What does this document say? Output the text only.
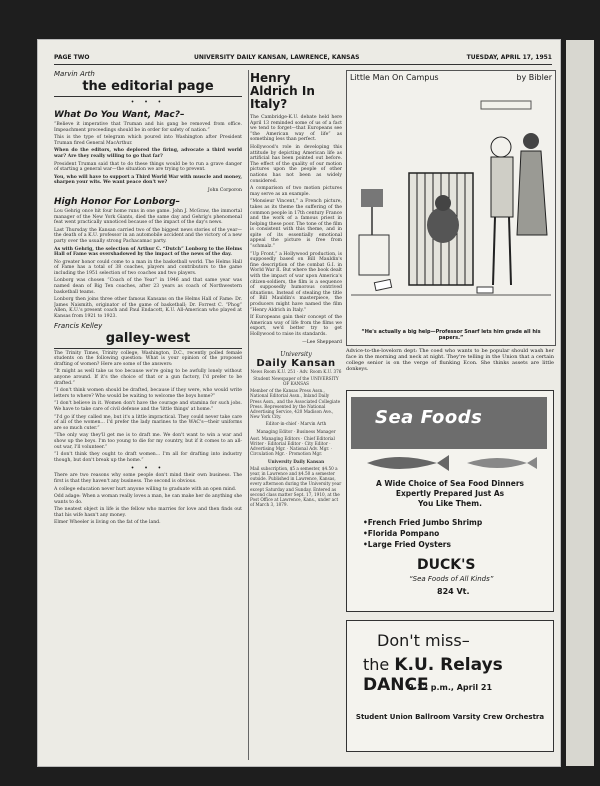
PAGE TWO	UNIVERSITY DAILY KANSAN, LAWRENCE, KANSAS	TUESDAY, APRIL 17, 1951

Marvin Arth

the editorial page
• • •
What Do You Want, Mac?–

“Believe it imperative that Truman and his gang be removed from office. Impeachment proceedings should be in order for safety of nation.”

This is the type of telegram which poured into Washington after President Truman fired General MacArthur.

When do the editors, who deplored the firing, advocate a third world war? Are they really willing to go that far?

President Truman said that to do these things would be to run a grave danger of starting a general war—the situation we are trying to prevent.

You, who will have to support a Third World War with muscle and money, sharpen your wits. We want peace don't we?

John Corporon

High Honor For Lonborg–

Lou Gehrig once hit four home runs in one game. John J. McGraw, the immortal manager of the New York Giants, died the same day and Gehrig's phenomenal feat went practically unnoticed because of the impact of the day's news.

Last Thursday the Kansan carried two of the biggest news stories of the year—the death of a K.U. professor in an automobile accident and the victory of a new party over the usually strong Pachacamac party.

As with Gehrig, the selection of Arthur C. “Dutch” Lonborg to the Helms Hall of Fame was overshadowed by the impact of the news of the day.

No greater honor could come to a man in the basketball world. The Helms Hall of Fame has a total of 38 coaches, players and contributors to the game including the 1951 selection of two coaches and two players.

Lonborg was chosen “Coach of the Year” in 1946 and that same year was named dean of Big Ten coaches, after 23 years as coach of Northwestern basketball teams.

Lonborg then joins three other famous Kansans on the Helms Hall of Fame: Dr. James Naismith, originator of the game of basketball; Dr. Forrest C. “Phog” Allen, K.U.'s present coach and Paul Endacott, K.U. All-American who played at Kansas from 1921 to 1923.

Francis Kelley

galley-west

The Trinity Times, Trinity college, Washington, D.C., recently polled female students on the following question: What is your opinion of the proposed drafting of women? Here are some of the answers:

“It might as well take us too because we're going to be awfully lonely without anyone around. If it's the choice of that or a gun factory, I'd prefer to be drafted.”

“I don't think women should be drafted, because if they were, who would write letters to where? Who would be waiting to welcome the boys home?”

“I don't believe in it. Women don't have the courage and stamina for such jobs. We have to take care of civil defense and the 'little things' at home.”

“I'd go if they called me, but it's a little impractical. They could never take care of all of the women... I'd prefer the lady marines to the WAC's—their uniforms are so much cuter.”

“The only way they'll get me is to draft me. We don't want to win a war and show up the boys. I'm too young to die for my country, but if it comes to an all-out war, I'll volunteer.”

“I don't think they ought to draft women... I'm all for drafting into industry though, but don't break up the home.”

• • •

There are two reasons why some people don't mind their own business. The first is that they haven't any business. The second is obvious.

A college education never hurt anyone willing to graduate with an open mind.

Odd adage: When a woman really loves a man, he can make her do anything she wants to do.

The neatest object in life is the fellow who marries for love and then finds out that his wife hasn't any money.

Elmer Wheeler is living on the fat of the land.

Henry Aldrich In Italy?

The Cambridge-K.U. debate held here April 13 reminded some of us of a fact we tend to forget—that Europeans see “the American way of life” as something less than perfect.

Hollywood's role in developing this attitude by depicting American life as artificial has been pointed out before. The effect of the quality of our motion pictures upon the people of other nations has not been as widely considered.

A comparison of two motion pictures may serve as an example.

“Monsieur Vincent,” a French picture, takes as its theme the suffering of the common people in 17th century France and the work of a famous priest in helping these poor. The tone of the film is consistent with this theme, and in spite of its essentially emotional appeal the picture is free from “schmalz.”

“Up Front,” a Hollywood production, is supposedly based on Bill Mauldin's fine description of the combat G.I. in World War II. But where the book dealt with the impact of war upon America's citizen-soldiers, the film is a sequence of supposedly humorous contrived situations. Instead of stealing the title of Bill Mauldin's masterpiece, the producers might have named the film “Henry Aldrich in Italy.”

If Europeans gain their concept of the American way of life from the films we export, we'd better try to get Hollywood to raise its standards.

—Lee Sheppeard

University
Daily Kansan

News Room K.U. 251 · Adv. Room K.U. 376

Student Newspaper of the UNIVERSITY OF KANSAS

Member of the Kansas Press Assn., National Editorial Assn., Inland Daily Press Assn., and the Associated Collegiate Press. Represented by the National Advertising Service, 420 Madison Ave., New York City.

Editor-in-chief · Marvin Arth

Managing Editor · Business Manager

Asst. Managing Editors · Chief Editorial Writer · Editorial Editor · City Editor · Advertising Mgr. · National Adv. Mgr. · Circulation Mgr. · Promotion Mgr.

University Daily Kansan

Mail subscription, $5 a semester, $4.50 a year, in Lawrence and $4.50 a semester outside. Published in Lawrence, Kansas, every afternoon during the University year except Saturday and Sunday. Entered as second class matter Sept. 17, 1910, at the Post Office at Lawrence, Kans., under act of March 3, 1879.

Little Man On Campus	by Bibler
“He's actually a big help—Professor Snarf lets him grade all his papers.”
Advice-to-the-lovelorn dept: The coed who wants to be popular should wash her face in the morning and neck at night. They're telling in the Union that a certain college senior is on the verge of flunking Econ. She thinks assets are little donkeys.
Sea Foods
A Wide Choice of Sea Food Dinners
Expertly Prepared Just As
You Like Them.
•French Fried Jumbo Shrimp
•Florida Pompano
•Large Fried Oysters
DUCK'S
“Sea Foods of All Kinds”
824 Vt.
Don't miss–
the K.U. Relays DANCE
9-12 p.m., April 21
Student Union Ballroom Varsity Crew Orchestra
